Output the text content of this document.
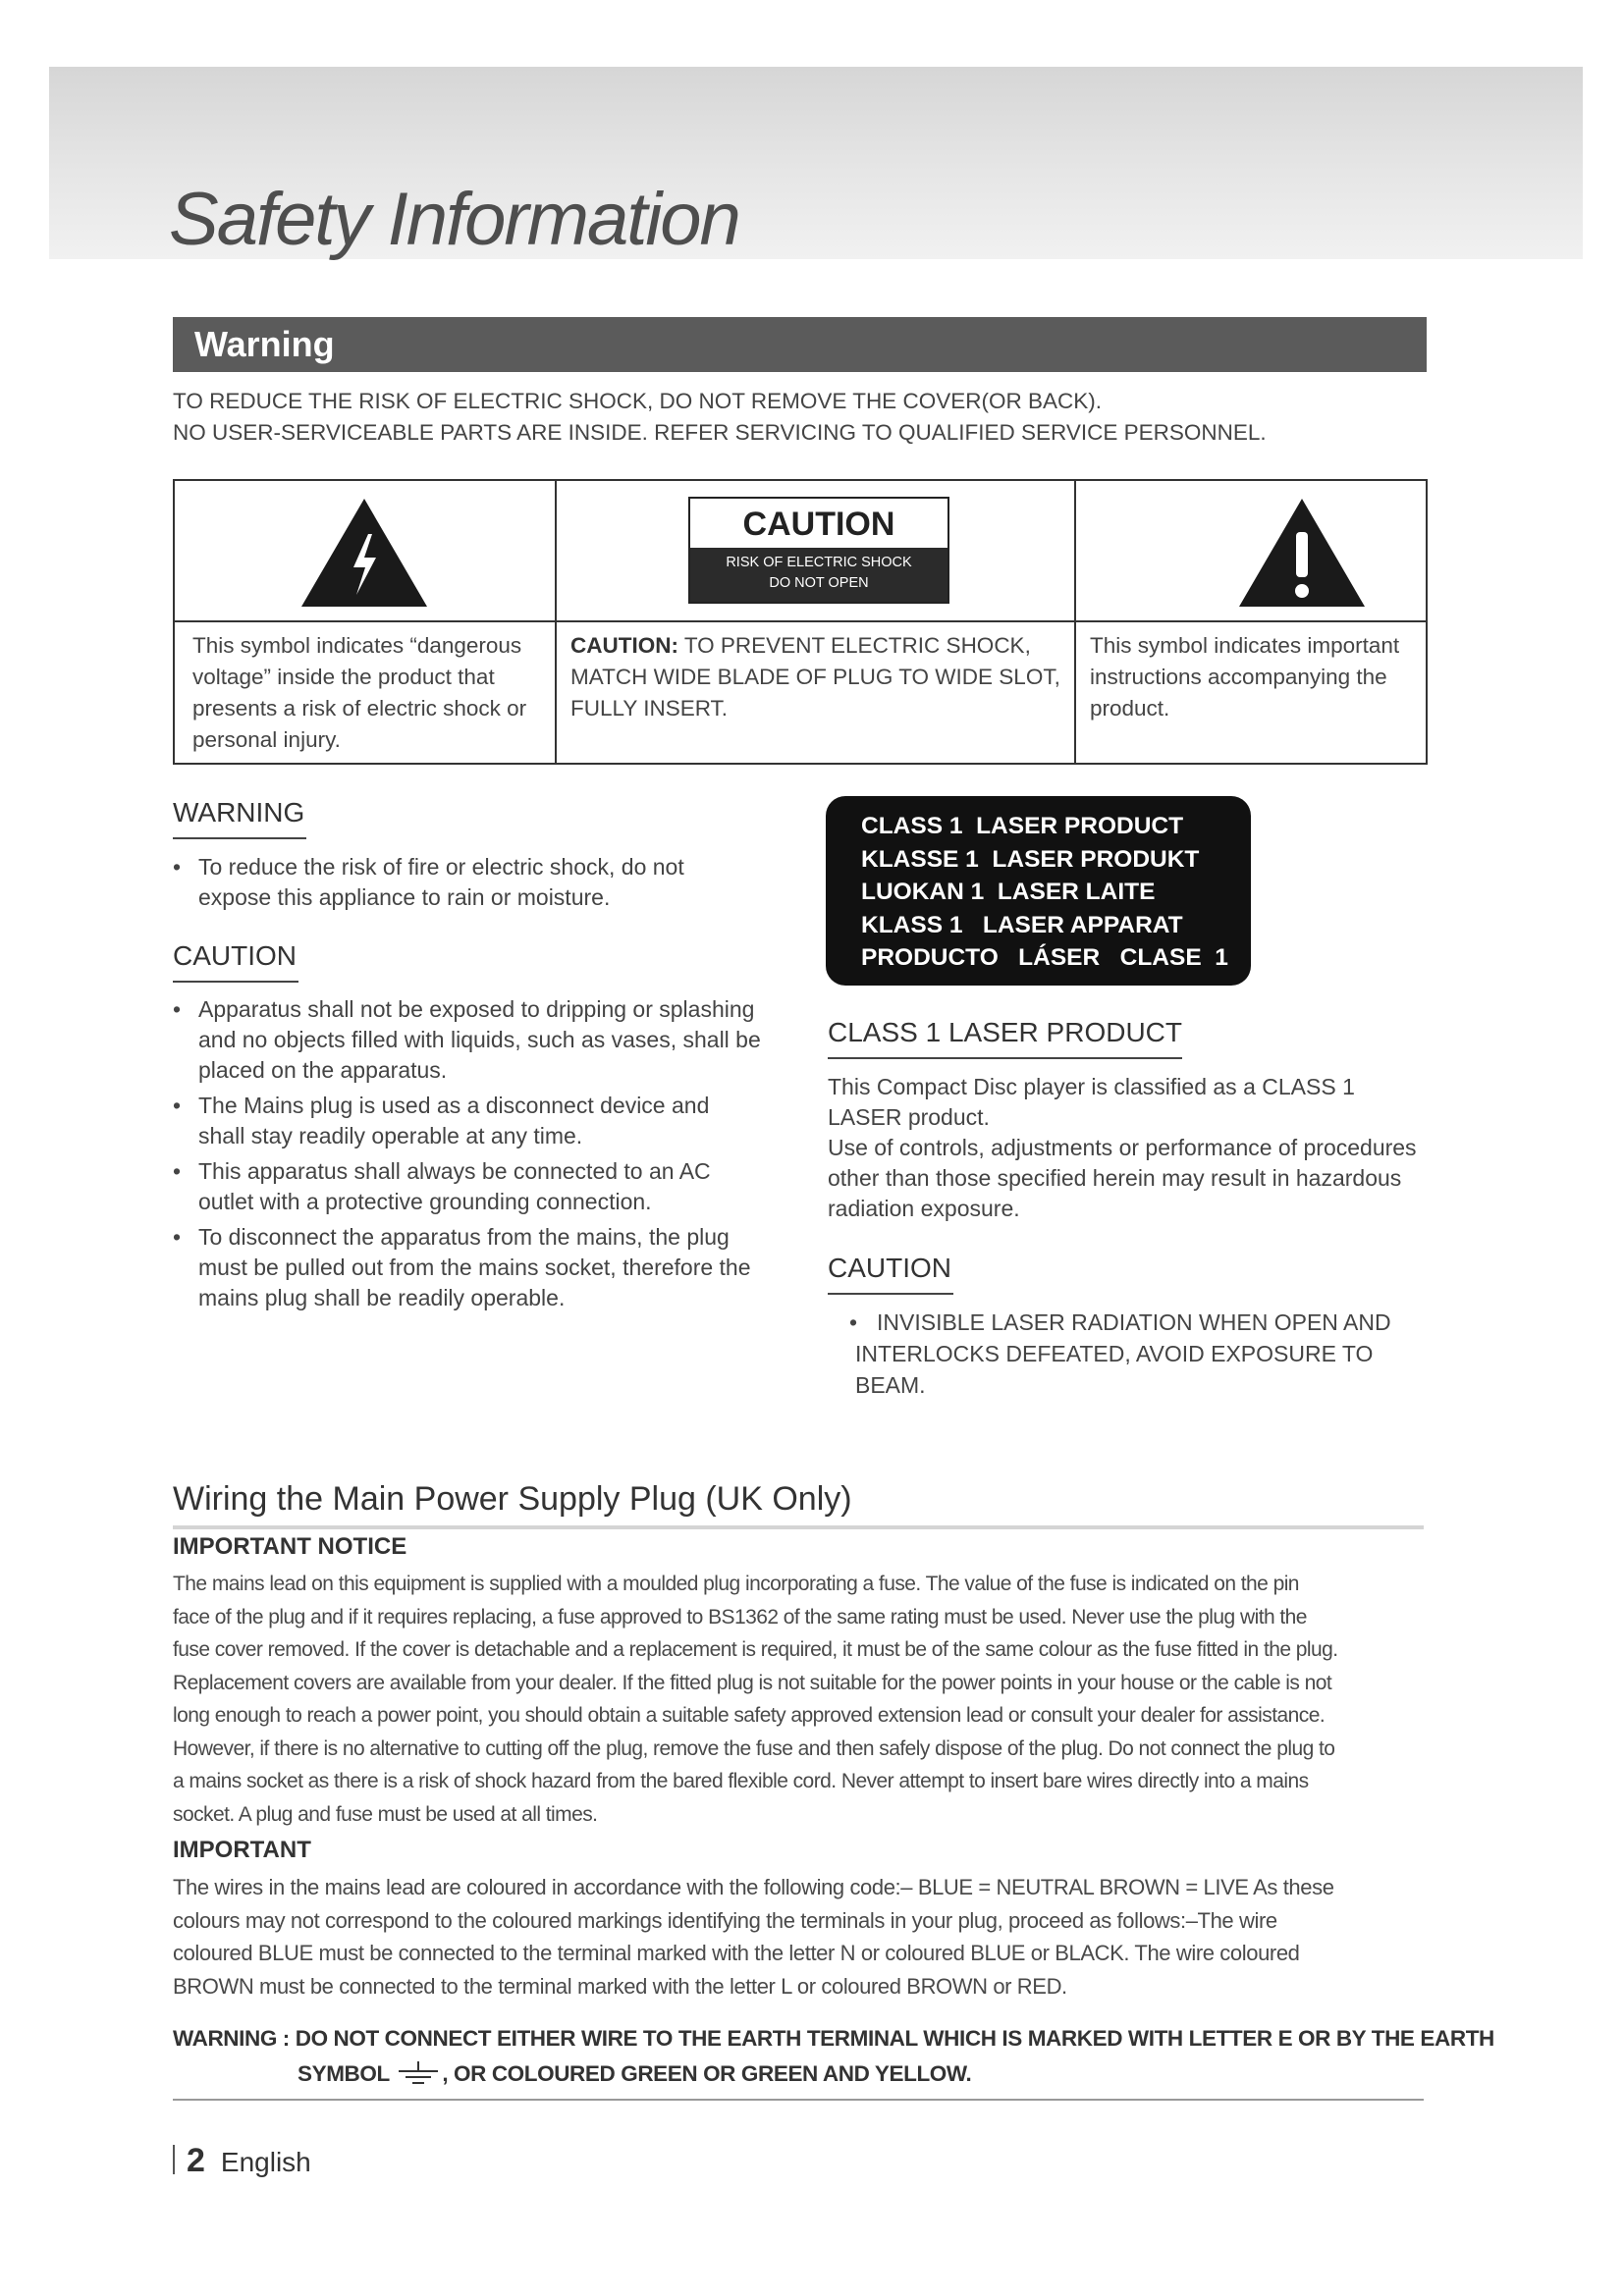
Safety Information
Warning
TO REDUCE THE RISK OF ELECTRIC SHOCK, DO NOT REMOVE THE COVER(OR BACK).
NO USER-SERVICEABLE PARTS ARE INSIDE. REFER SERVICING TO QUALIFIED SERVICE PERSONNEL.
CAUTION
RISK OF ELECTRIC SHOCK
DO NOT OPEN
This symbol indicates “dangerous voltage” inside the product that presents a risk of electric shock or personal injury.
CAUTION: TO PREVENT ELECTRIC SHOCK, MATCH WIDE BLADE OF PLUG TO WIDE SLOT, FULLY INSERT.
This symbol indicates important instructions accompanying the product.
WARNING
• To reduce the risk of fire or electric shock, do not expose this appliance to rain or moisture.
CAUTION
• Apparatus shall not be exposed to dripping or splashing and no objects filled with liquids, such as vases, shall be placed on the apparatus.
• The Mains plug is used as a disconnect device and shall stay readily operable at any time.
• This apparatus shall always be connected to an AC outlet with a protective grounding connection.
• To disconnect the apparatus from the mains, the plug must be pulled out from the mains socket, therefore the mains plug shall be readily operable.
CLASS 1  LASER PRODUCT
KLASSE 1  LASER PRODUKT
LUOKAN 1  LASER LAITE
KLASS 1   LASER APPARAT
PRODUCTO   LÁSER   CLASE  1
CLASS 1 LASER PRODUCT
This Compact Disc player is classified as a CLASS 1 LASER product.
Use of controls, adjustments or performance of procedures other than those specified herein may result in hazardous radiation exposure.
CAUTION
• INVISIBLE LASER RADIATION WHEN OPEN AND INTERLOCKS DEFEATED, AVOID EXPOSURE TO BEAM.
Wiring the Main Power Supply Plug (UK Only)
IMPORTANT NOTICE
The mains lead on this equipment is supplied with a moulded plug incorporating a fuse. The value of the fuse is indicated on the pin
face of the plug and if it requires replacing, a fuse approved to BS1362 of the same rating must be used. Never use the plug with the
fuse cover removed. If the cover is detachable and a replacement is required, it must be of the same colour as the fuse fitted in the plug.
Replacement covers are available from your dealer. If the fitted plug is not suitable for the power points in your house or the cable is not
long enough to reach a power point, you should obtain a suitable safety approved extension lead or consult your dealer for assistance.
However, if there is no alternative to cutting off the plug, remove the fuse and then safely dispose of the plug. Do not connect the plug to
a mains socket as there is a risk of shock hazard from the bared flexible cord. Never attempt to insert bare wires directly into a mains
socket. A plug and fuse must be used at all times.
IMPORTANT
The wires in the mains lead are coloured in accordance with the following code:– BLUE = NEUTRAL BROWN = LIVE As these
colours may not correspond to the coloured markings identifying the terminals in your plug, proceed as follows:–The wire
coloured BLUE must be connected to the terminal marked with the letter N or coloured BLUE or BLACK. The wire coloured
BROWN must be connected to the terminal marked with the letter L or coloured BROWN or RED.
WARNING : DO NOT CONNECT EITHER WIRE TO THE EARTH TERMINAL WHICH IS MARKED WITH LETTER E OR BY THE EARTH
SYMBOL , OR COLOURED GREEN OR GREEN AND YELLOW.
2 English
